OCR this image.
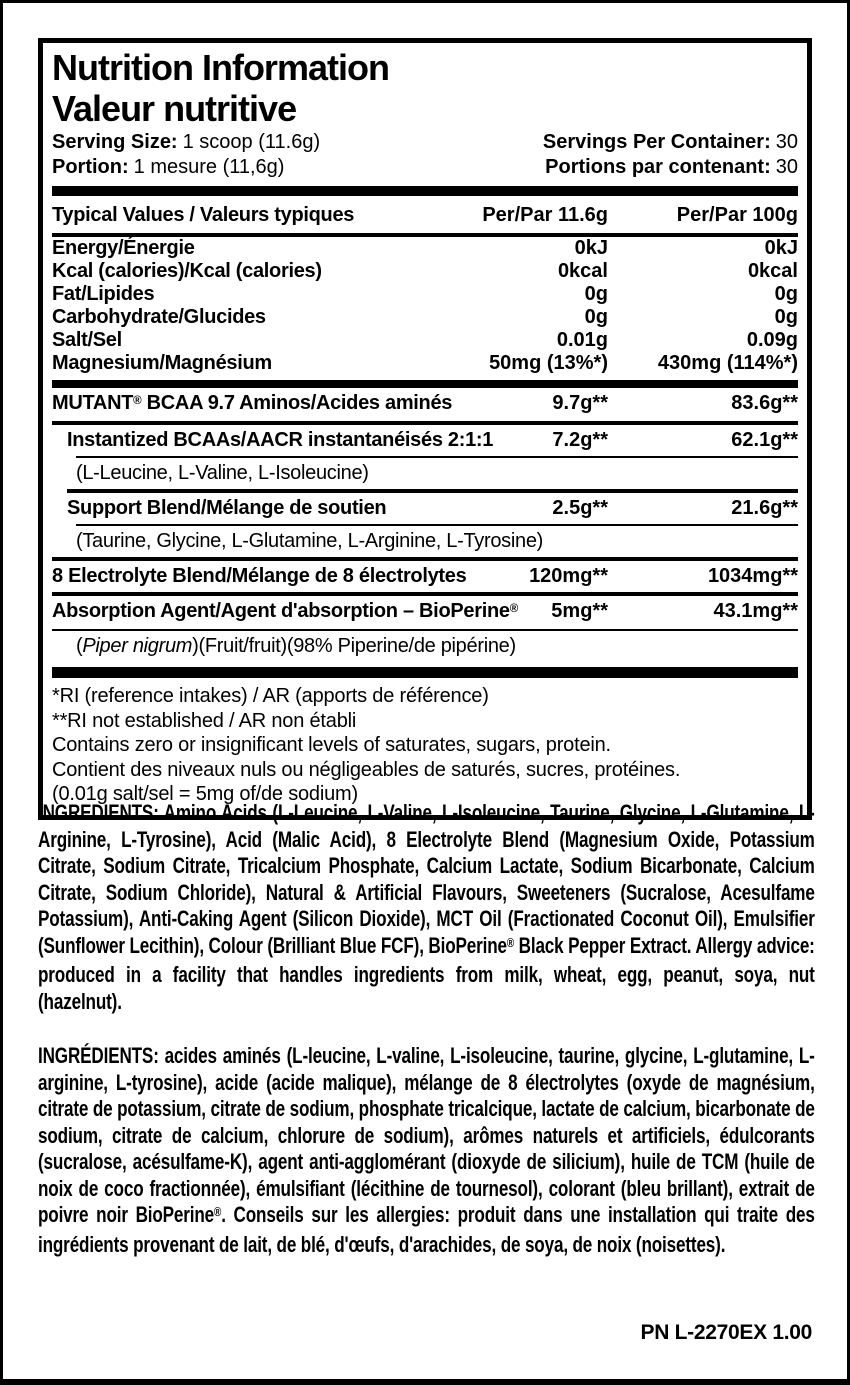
Nutrition Information
Valeur nutritive
Serving Size: 1 scoop (11.6g)
Portion: 1 mesure (11,6g)
Servings Per Container: 30
Portions par contenant: 30
Typical Values / Valeurs typiques	Per/Par 11.6g	Per/Par 100g
Energy/Énergie	0kJ	0kJ
Kcal (calories)/Kcal (calories)	0kcal	0kcal
Fat/Lipides	0g	0g
Carbohydrate/Glucides	0g	0g
Salt/Sel	0.01g	0.09g
Magnesium/Magnésium	50mg (13%*)	430mg (114%*)
MUTANT® BCAA 9.7 Aminos/Acides aminés	9.7g**	83.6g**
Instantized BCAAs/AACR instantanéisés 2:1:1	7.2g**	62.1g**
(L-Leucine, L-Valine, L-Isoleucine)
Support Blend/Mélange de soutien	2.5g**	21.6g**
(Taurine, Glycine, L-Glutamine, L-Arginine, L-Tyrosine)
8 Electrolyte Blend/Mélange de 8 électrolytes	120mg**	1034mg**
Absorption Agent/Agent d'absorption – BioPerine®	5mg**	43.1mg**
(Piper nigrum)(Fruit/fruit)(98% Piperine/de pipérine)
*RI (reference intakes) / AR (apports de référence)
**RI not established / AR non établi
Contains zero or insignificant levels of saturates, sugars, protein.
Contient des niveaux nuls ou négligeables de saturés, sucres, protéines.
(0.01g salt/sel = 5mg of/de sodium)

INGREDIENTS: Amino Acids (L-Leucine, L-Valine, L-Isoleucine, Taurine, Glycine, L-Glutamine, L-Arginine, L-Tyrosine), Acid (Malic Acid), 8 Electrolyte Blend (Magnesium Oxide, Potassium Citrate, Sodium Citrate, Tricalcium Phosphate, Calcium Lactate, Sodium Bicarbonate, Calcium Citrate, Sodium Chloride), Natural & Artificial Flavours, Sweeteners (Sucralose, Acesulfame Potassium), Anti-Caking Agent (Silicon Dioxide), MCT Oil (Fractionated Coconut Oil), Emulsifier (Sunflower Lecithin), Colour (Brilliant Blue FCF), BioPerine® Black Pepper Extract. Allergy advice: produced in a facility that handles ingredients from milk, wheat, egg, peanut, soya, nut (hazelnut).

INGRÉDIENTS: acides aminés (L-leucine, L-valine, L-isoleucine, taurine, glycine, L-glutamine, L-arginine, L-tyrosine), acide (acide malique), mélange de 8 électrolytes (oxyde de magnésium, citrate de potassium, citrate de sodium, phosphate tricalcique, lactate de calcium, bicarbonate de sodium, citrate de calcium, chlorure de sodium), arômes naturels et artificiels, édulcorants (sucralose, acésulfame-K), agent anti-agglomérant (dioxyde de silicium), huile de TCM (huile de noix de coco fractionnée), émulsifiant (lécithine de tournesol), colorant (bleu brillant), extrait de poivre noir BioPerine®. Conseils sur les allergies: produit dans une installation qui traite des ingrédients provenant de lait, de blé, d'œufs, d'arachides, de soya, de noix (noisettes).

PN L-2270EX 1.00
